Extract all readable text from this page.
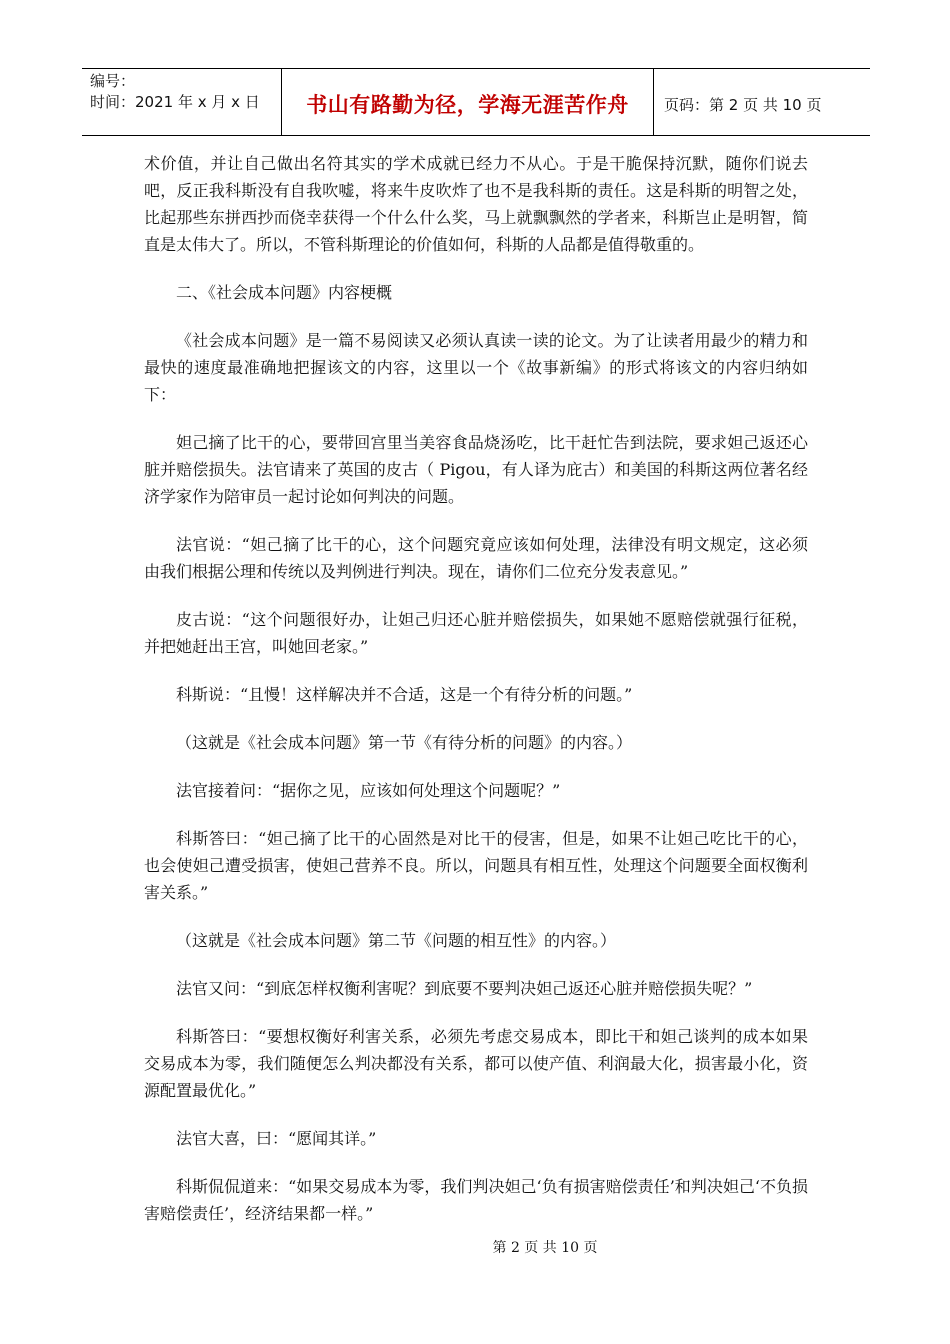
编号：
时间：2021 年 x 月 x 日	书山有路勤为径，学海无涯苦作舟 页码：第 2 页 共 10 页

术价值，并让自己做出名符其实的学术成就已经力不从心。于是干脆保持沉默，随你们说去吧，反正我科斯没有自我吹嘘，将来牛皮吹炸了也不是我科斯的责任。这是科斯的明智之处，比起那些东拼西抄而侥幸获得一个什么什么奖，马上就飘飘然的学者来，科斯岂止是明智，简直是太伟大了。所以，不管科斯理论的价值如何，科斯的人品都是值得敬重的。

二、《社会成本问题》内容梗概

《社会成本问题》是一篇不易阅读又必须认真读一读的论文。为了让读者用最少的精力和最快的速度最准确地把握该文的内容，这里以一个《故事新编》的形式将该文的内容归纳如下：

妲己摘了比干的心，要带回宫里当美容食品烧汤吃，比干赶忙告到法院，要求妲己返还心脏并赔偿损失。法官请来了英国的皮古（ Pigou，有人译为庇古）和美国的科斯这两位著名经济学家作为陪审员一起讨论如何判决的问题。

法官说：“妲己摘了比干的心，这个问题究竟应该如何处理，法律没有明文规定，这必须由我们根据公理和传统以及判例进行判决。现在，请你们二位充分发表意见。”

皮古说：“这个问题很好办，让妲己归还心脏并赔偿损失，如果她不愿赔偿就强行征税，并把她赶出王宫，叫她回老家。”

科斯说：“且慢！这样解决并不合适，这是一个有待分析的问题。”

（这就是《社会成本问题》第一节《有待分析的问题》的内容。）

法官接着问：“据你之见，应该如何处理这个问题呢？”

科斯答曰：“妲己摘了比干的心固然是对比干的侵害，但是，如果不让妲己吃比干的心，也会使妲己遭受损害，使妲己营养不良。所以，问题具有相互性，处理这个问题要全面权衡利害关系。”

（这就是《社会成本问题》第二节《问题的相互性》的内容。）

法官又问：“到底怎样权衡利害呢？到底要不要判决妲己返还心脏并赔偿损失呢？”

科斯答曰：“要想权衡好利害关系，必须先考虑交易成本，即比干和妲己谈判的成本如果交易成本为零，我们随便怎么判决都没有关系，都可以使产值、利润最大化，损害最小化，资源配置最优化。”

法官大喜，曰：“愿闻其详。”

科斯侃侃道来：“如果交易成本为零，我们判决妲己‘负有损害赔偿责任’和判决妲己‘不负损害赔偿责任’，经济结果都一样。”

第 2 页 共 10 页
